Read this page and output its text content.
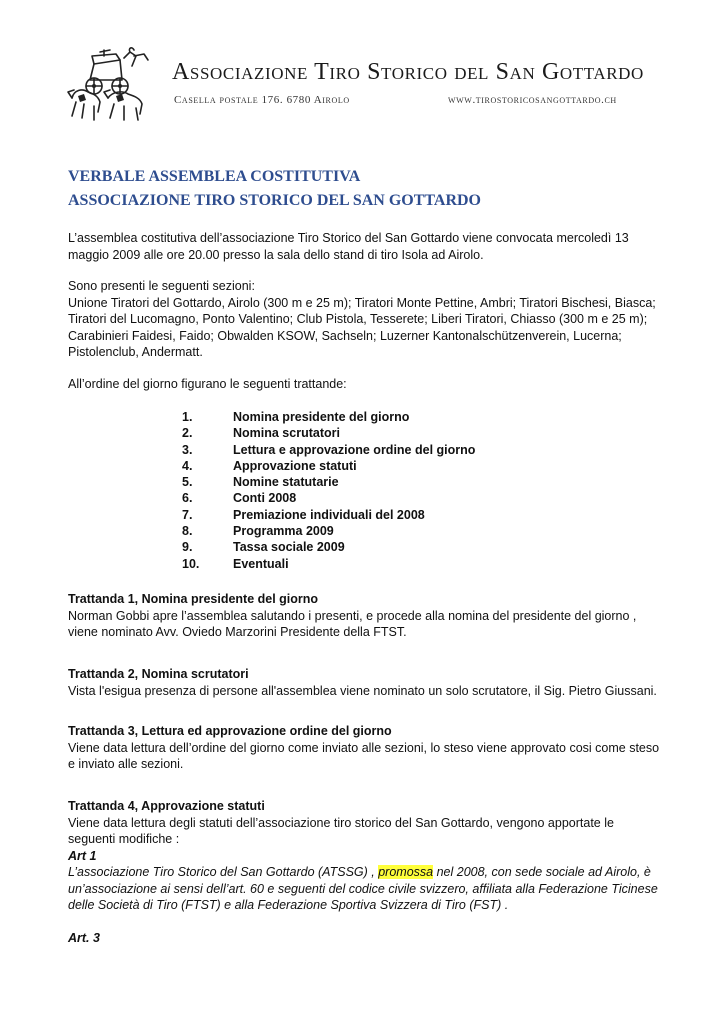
Associazione Tiro Storico del San Gottardo
Casella postale 176. 6780 Airolo	www.tirostoricosangottardo.ch
VERBALE ASSEMBLEA COSTITUTIVA
ASSOCIAZIONE TIRO STORICO DEL SAN GOTTARDO
L’assemblea costitutiva dell’associazione Tiro Storico del San Gottardo viene convocata mercoledì 13
maggio 2009 alle ore 20.00 presso la sala dello stand di tiro Isola ad Airolo.
Sono presenti le seguenti sezioni:
Unione Tiratori del Gottardo, Airolo (300 m e 25 m); Tiratori Monte Pettine, Ambri; Tiratori Bischesi, Biasca;
Tiratori del Lucomagno, Ponto Valentino; Club Pistola, Tesserete; Liberi Tiratori, Chiasso (300 m e 25 m);
Carabinieri Faidesi, Faido; Obwalden KSOW, Sachseln; Luzerner Kantonalschützenverein, Lucerna;
Pistolenclub, Andermatt.
All’ordine del giorno figurano le seguenti trattande:
1.	Nomina presidente del giorno
2.	Nomina scrutatori
3.	Lettura e approvazione ordine del giorno
4.	Approvazione statuti
5.	Nomine statutarie
6.	Conti 2008
7.	Premiazione individuali del 2008
8.	Programma 2009
9.	Tassa sociale 2009
10.	Eventuali
Trattanda 1, Nomina presidente del giorno
Norman Gobbi apre l’assemblea salutando i presenti, e procede alla nomina del presidente del giorno ,
viene nominato Avv. Oviedo Marzorini Presidente della FTST.
Trattanda 2, Nomina scrutatori
Vista l'esigua presenza di persone all'assemblea viene nominato un solo scrutatore, il Sig. Pietro Giussani.
Trattanda 3, Lettura ed approvazione ordine del giorno
Viene data lettura dell’ordine del giorno come inviato alle sezioni, lo steso viene approvato cosi come steso
e inviato alle sezioni.
Trattanda 4, Approvazione statuti
Viene data lettura degli statuti dell’associazione tiro storico del San Gottardo, vengono apportate le
seguenti modifiche :
Art 1
L’associazione Tiro Storico del San Gottardo (ATSSG) , promossa nel 2008, con sede sociale ad Airolo, è
un’associazione ai sensi dell’art. 60 e seguenti del codice civile svizzero, affiliata alla Federazione Ticinese
delle Società di Tiro (FTST) e alla Federazione Sportiva Svizzera di Tiro (FST) .
Art. 3
